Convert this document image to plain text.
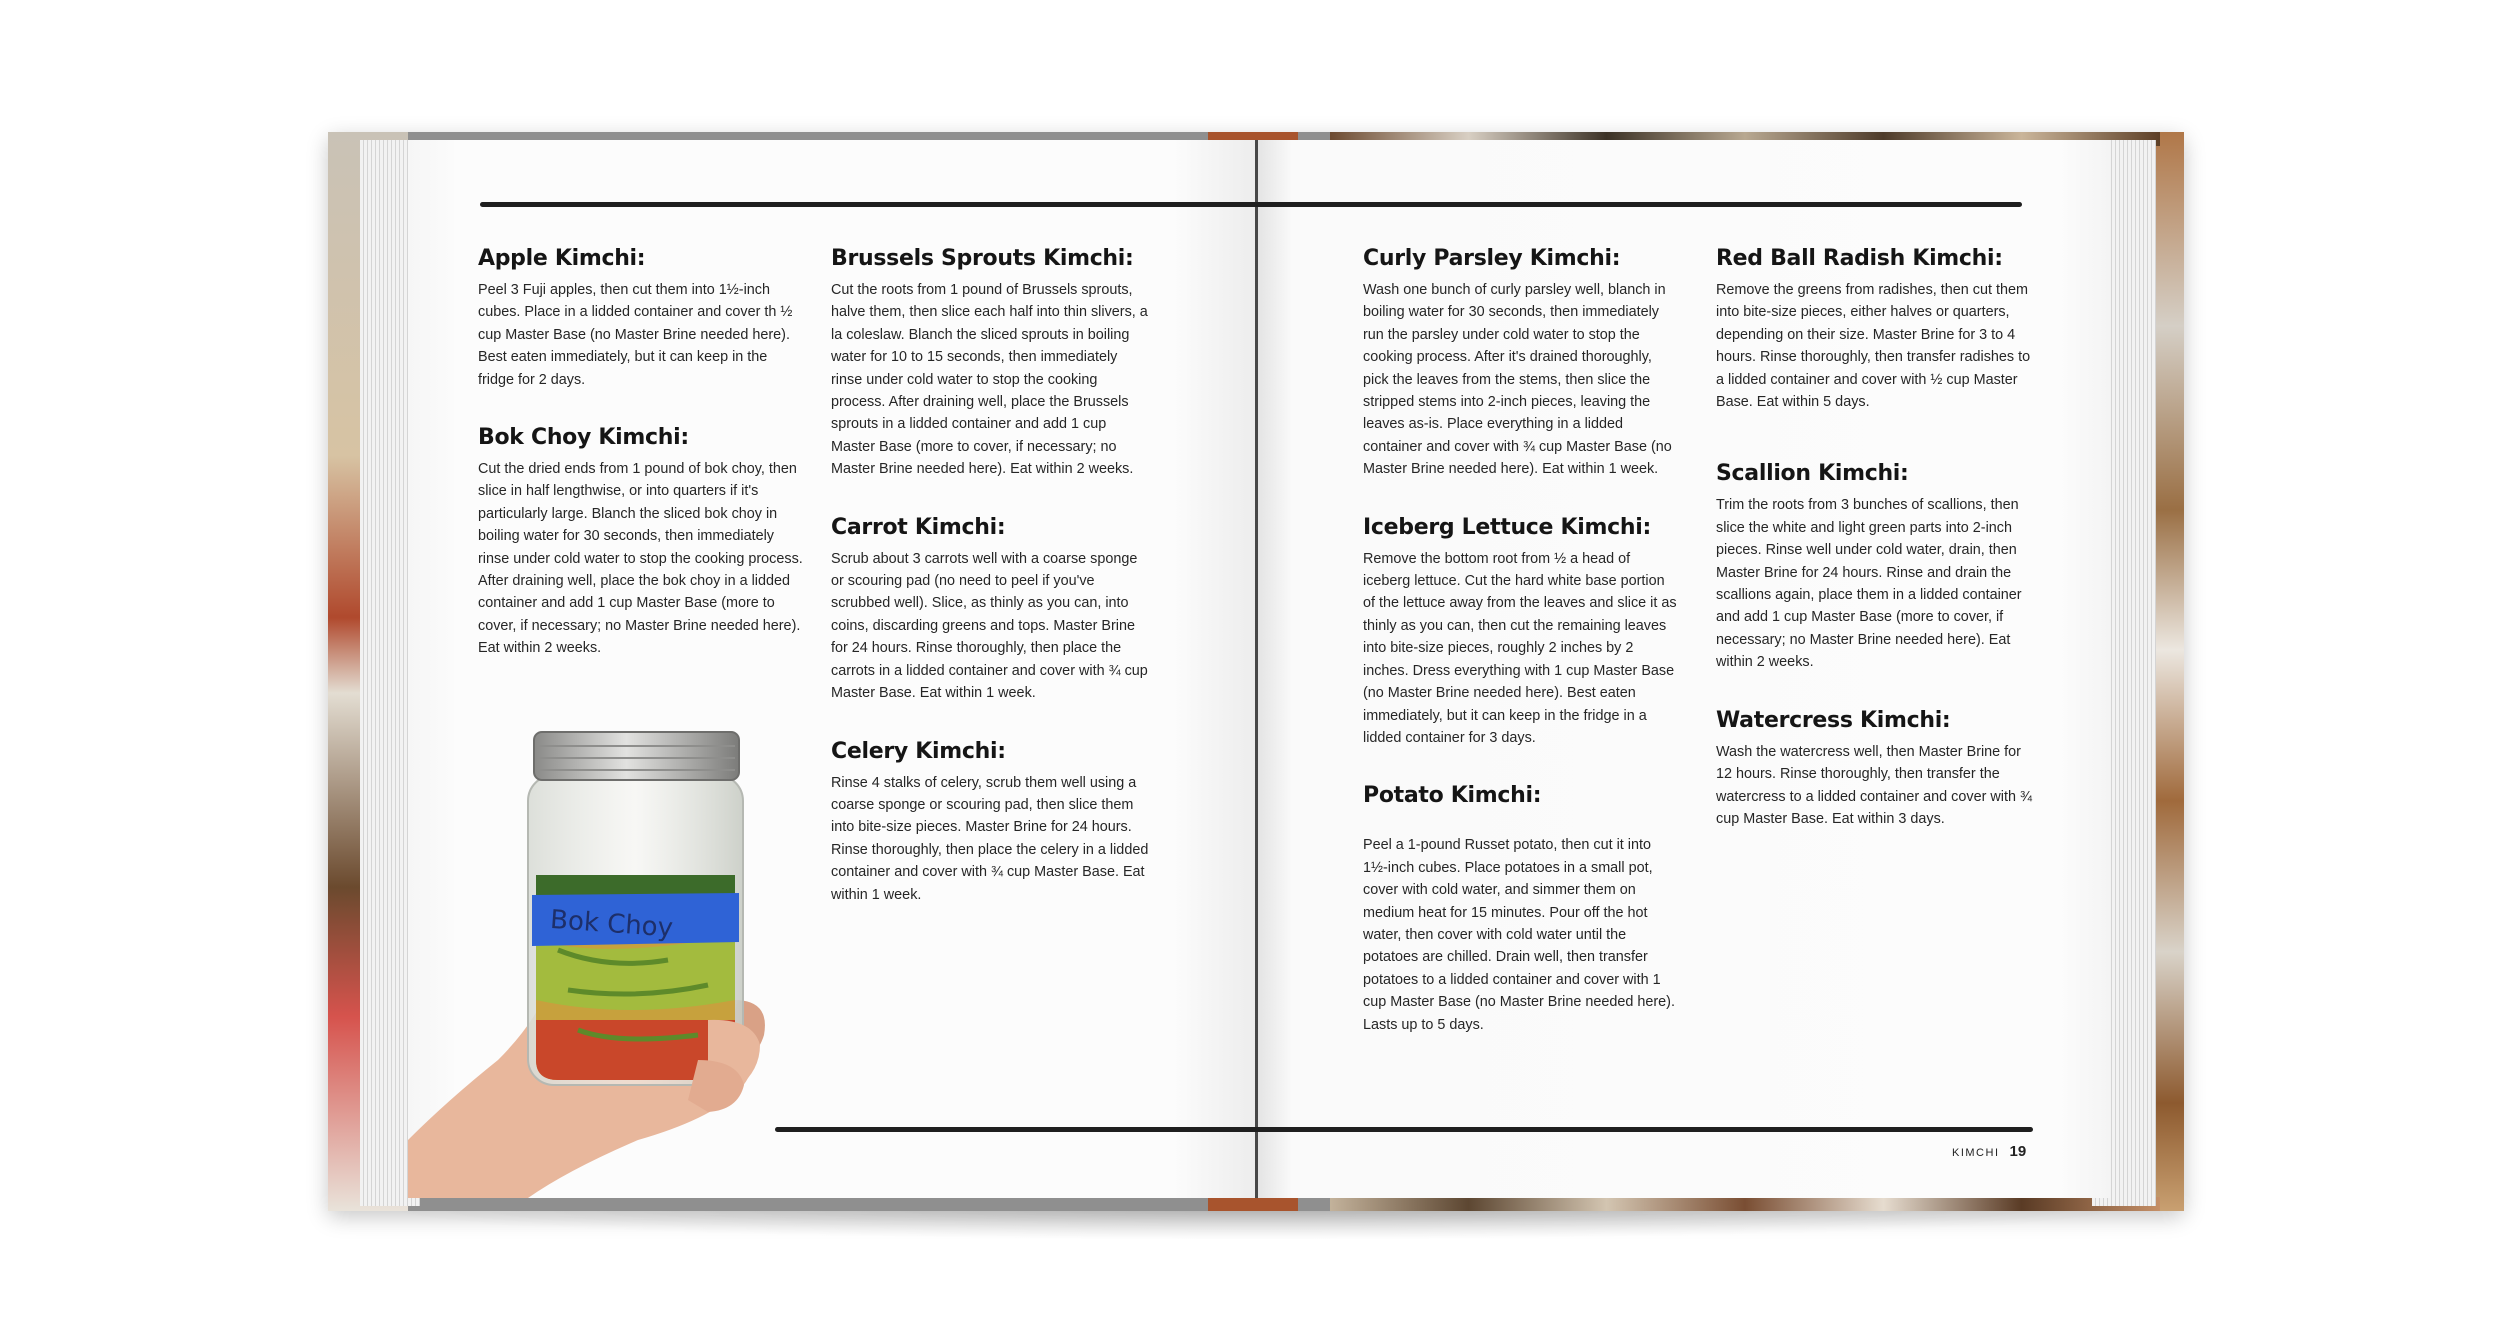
Apple Kimchi:

Peel 3 Fuji apples, then cut them into 1½-inch cubes. Place in a lidded container and cover th ½ cup Master Base (no Master Brine needed here). Best eaten immediately, but it can keep in the fridge for 2 days.

Bok Choy Kimchi:

Cut the dried ends from 1 pound of bok choy, then slice in half lengthwise, or into quarters if it's particularly large. Blanch the sliced bok choy in boiling water for 30 seconds, then immediately rinse under cold water to stop the cooking process. After draining well, place the bok choy in a lidded container and add 1 cup Master Base (more to cover, if necessary; no Master Brine needed here). Eat within 2 weeks.

Brussels Sprouts Kimchi:

Cut the roots from 1 pound of Brussels sprouts, halve them, then slice each half into thin slivers, a la coleslaw. Blanch the sliced sprouts in boiling water for 10 to 15 seconds, then immediately rinse under cold water to stop the cooking process. After draining well, place the Brussels sprouts in a lidded container and add 1 cup Master Base (more to cover, if necessary; no Master Brine needed here). Eat within 2 weeks.

Carrot Kimchi:

Scrub about 3 carrots well with a coarse sponge or scouring pad (no need to peel if you've scrubbed well). Slice, as thinly as you can, into coins, discarding greens and tops. Master Brine for 24 hours. Rinse thoroughly, then place the carrots in a lidded container and cover with ¾ cup Master Base. Eat within 1 week.

Celery Kimchi:

Rinse 4 stalks of celery, scrub them well using a coarse sponge or scouring pad, then slice them into bite-size pieces. Master Brine for 24 hours. Rinse thoroughly, then place the celery in a lidded container and cover with ¾ cup Master Base. Eat within 1 week.

Curly Parsley Kimchi:

Wash one bunch of curly parsley well, blanch in boiling water for 30 seconds, then immediately run the parsley under cold water to stop the cooking process. After it's drained thoroughly, pick the leaves from the stems, then slice the stripped stems into 2-inch pieces, leaving the leaves as-is. Place everything in a lidded container and cover with ¾ cup Master Base (no Master Brine needed here). Eat within 1 week.

Iceberg Lettuce Kimchi:

Remove the bottom root from ½ a head of iceberg lettuce. Cut the hard white base portion of the lettuce away from the leaves and slice it as thinly as you can, then cut the remaining leaves into bite-size pieces, roughly 2 inches by 2 inches. Dress everything with 1 cup Master Base (no Master Brine needed here). Best eaten immediately, but it can keep in the fridge in a lidded container for 3 days.

Potato Kimchi:

Peel a 1-pound Russet potato, then cut it into 1½-inch cubes. Place potatoes in a small pot, cover with cold water, and simmer them on medium heat for 15 minutes. Pour off the hot water, then cover with cold water until the potatoes are chilled. Drain well, then transfer potatoes to a lidded container and cover with 1 cup Master Base (no Master Brine needed here). Lasts up to 5 days.

Red Ball Radish Kimchi:

Remove the greens from radishes, then cut them into bite-size pieces, either halves or quarters, depending on their size. Master Brine for 3 to 4 hours. Rinse thoroughly, then transfer radishes to a lidded container and cover with ½ cup Master Base. Eat within 5 days.

Scallion Kimchi:

Trim the roots from 3 bunches of scallions, then slice the white and light green parts into 2-inch pieces. Rinse well under cold water, drain, then Master Brine for 24 hours. Rinse and drain the scallions again, place them in a lidded container and add 1 cup Master Base (more to cover, if necessary; no Master Brine needed here). Eat within 2 weeks.

Watercress Kimchi:

Wash the watercress well, then Master Brine for 12 hours. Rinse thoroughly, then transfer the watercress to a lidded container and cover with ¾ cup Master Base. Eat within 3 days.

Bok Choy
KIMCHI 19
